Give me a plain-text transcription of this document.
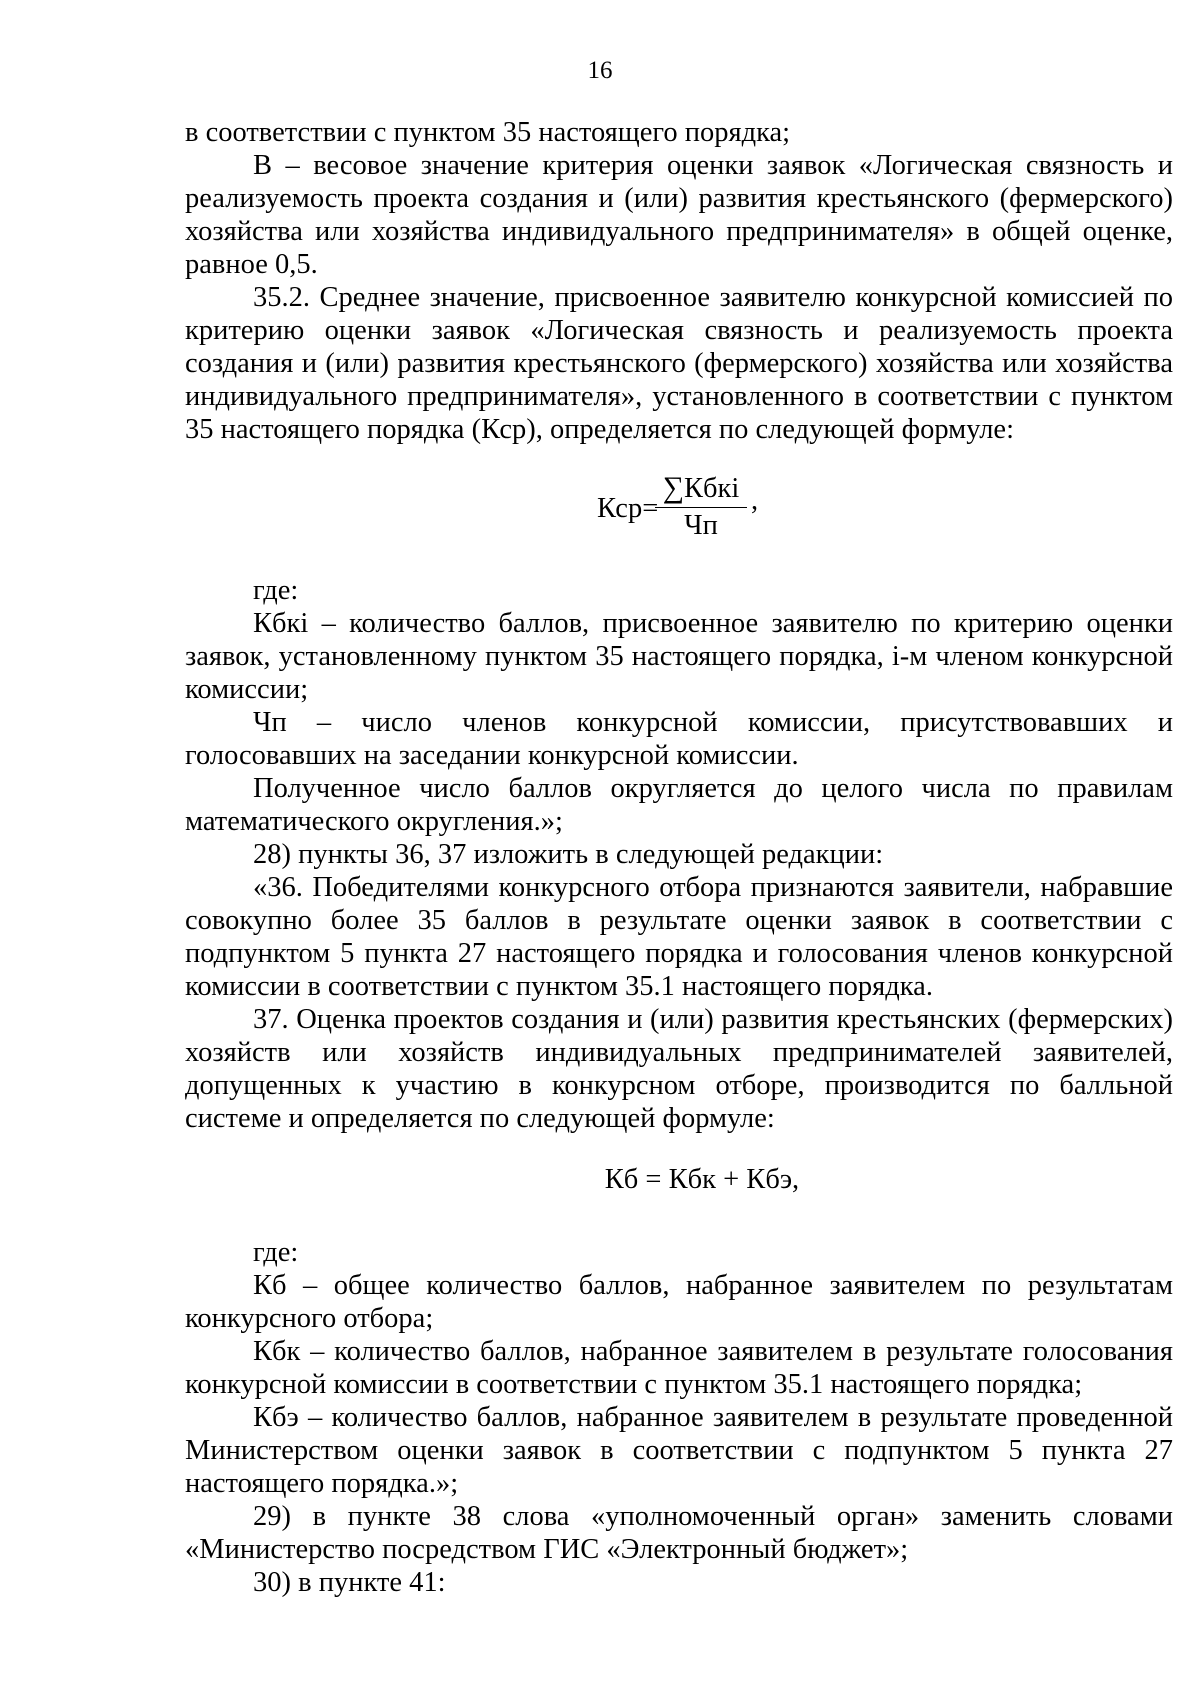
16

в соответствии с пунктом 35 настоящего порядка;

В – весовое значение критерия оценки заявок «Логическая связность и реализуемость проекта создания и (или) развития крестьянского (фермерского) хозяйства или хозяйства индивидуального предпринимателя» в общей оценке, равное 0,5.

35.2. Среднее значение, присвоенное заявителю конкурсной комиссией по критерию оценки заявок «Логическая связность и реализуемость проекта создания и (или) развития крестьянского (фермерского) хозяйства или хозяйства индивидуального предпринимателя», установленного в соответствии с пунктом 35 настоящего порядка (Кср), определяется по следующей формуле:

Кср=
∑Кбкi
Чп
,

где:

Кбкi – количество баллов, присвоенное заявителю по критерию оценки заявок, установленному пунктом 35 настоящего порядка, i-м членом конкурсной комиссии;

Чп – число членов конкурсной комиссии, присутствовавших и голосовавших на заседании конкурсной комиссии.

Полученное число баллов округляется до целого числа по правилам математического округления.»;

28) пункты 36, 37 изложить в следующей редакции:

«36. Победителями конкурсного отбора признаются заявители, набравшие совокупно более 35 баллов в результате оценки заявок в соответствии с подпунктом 5 пункта 27 настоящего порядка и голосования членов конкурсной комиссии в соответствии с пунктом 35.1 настоящего порядка.

37. Оценка проектов создания и (или) развития крестьянских (фермерских) хозяйств или хозяйств индивидуальных предпринимателей заявителей, допущенных к участию в конкурсном отборе, производится по балльной системе и определяется по следующей формуле:

Кб = Кбк + Кбэ,

где:

Кб – общее количество баллов, набранное заявителем по результатам конкурсного отбора;

Кбк – количество баллов, набранное заявителем в результате голосования конкурсной комиссии в соответствии с пунктом 35.1 настоящего порядка;

Кбэ – количество баллов, набранное заявителем в результате проведенной Министерством оценки заявок в соответствии с подпунктом 5 пункта 27 настоящего порядка.»;

29) в пункте 38 слова «уполномоченный орган» заменить словами «Министерство посредством ГИС «Электронный бюджет»;

30) в пункте 41:
